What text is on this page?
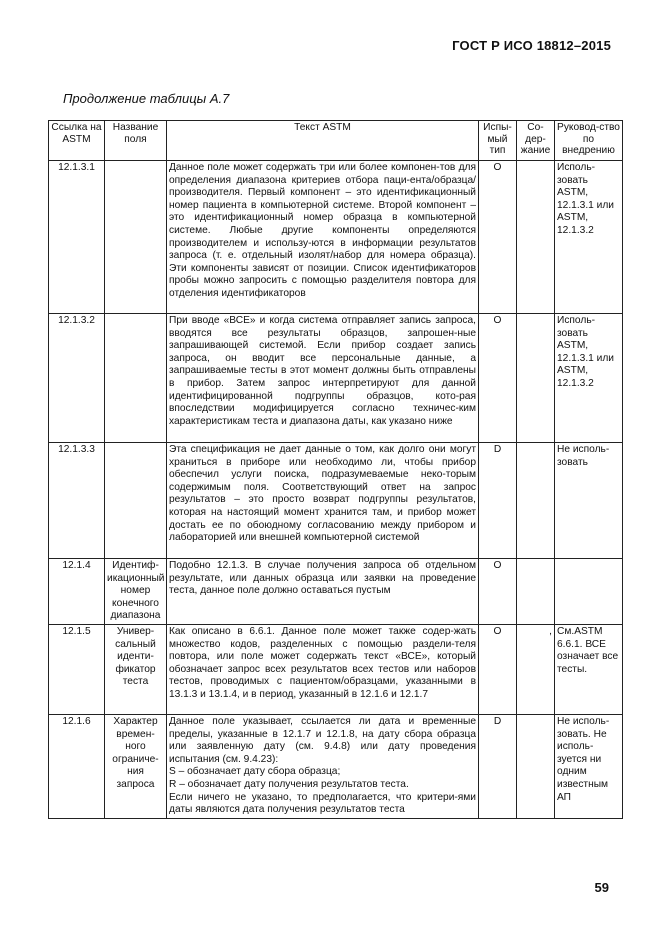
ГОСТ Р ИСО 18812–2015
Продолжение таблицы А.7
Ссылка на ASTM	Название поля	Текст ASTM	Испы-мый тип	Со-дер-жание	Руковод-ство по внедрению
12.1.3.1		Данное поле может содержать три или более компонен-тов для определения диапазона критериев отбора паци-ента/образца/производителя. Первый компонент – это идентификационный номер пациента в компьютерной системе. Второй компонент – это идентификационный номер образца в компьютерной системе. Любые другие компоненты определяются производителем и использу-ются в информации результатов запроса (т. е. отдельный изолят/набор для номера образца). Эти компоненты зависят от позиции. Список идентификаторов пробы можно запросить с помощью разделителя повтора для отделения идентификаторов	O		Исполь-зовать ASTM, 12.1.3.1 или ASTM, 12.1.3.2
12.1.3.2		При вводе «ВСЕ» и когда система отправляет запись запроса, вводятся все результаты образцов, запрошен-ные запрашивающей системой. Если прибор создает запись запроса, он вводит все персональные данные, а запрашиваемые тесты в этот момент должны быть отправлены в прибор. Затем запрос интерпретируют для данной идентифицированной подгруппы образцов, кото-рая впоследствии модифицируется согласно техничес-ким характеристикам теста и диапазона даты, как указано ниже	O		Исполь-зовать ASTM, 12.1.3.1 или ASTM, 12.1.3.2
12.1.3.3		Эта спецификация не дает данные о том, как долго они могут храниться в приборе или необходимо ли, чтобы прибор обеспечил услуги поиска, подразумеваемые неко-торым содержимым поля. Соответствующий ответ на запрос результатов – это просто возврат подгруппы результатов, которая на настоящий момент хранится там, и прибор может достать ее по обоюдному согласованию между прибором и лабораторией или внешней компьютерной системой	D		Не исполь-зовать
12.1.4	Идентиф-икационный номер конечного диапазона	Подобно 12.1.3. В случае получения запроса об отдельном результате, или данных образца или заявки на проведение теста, данное поле должно оставаться пустым	O		
12.1.5	Универ-сальный иденти-фикатор теста	Как описано в 6.6.1. Данное поле может также содер-жать множество кодов, разделенных с помощью раздели-теля повтора, или поле может содержать текст «ВСЕ», который обозначает запрос всех результатов всех тестов или наборов тестов, проводимых с пациентом/образцами, указанными в 13.1.3 и 13.1.4, и в период, указанный в 12.1.6 и 12.1.7	O	,	См.ASTM 6.6.1. ВСЕ означает все тесты.
12.1.6	Характер времен-ного ограниче-ния запроса	Данное поле указывает, ссылается ли дата и временные пределы, указанные в 12.1.7 и 12.1.8, на дату сбора образца или заявленную дату (см. 9.4.8) или дату проведения испытания (см. 9.4.23):
S – обозначает дату сбора образца;
R – обозначает дату получения результатов теста.
Если ничего не указано, то предполагается, что критери-ями даты являются дата получения результатов теста	D		Не исполь-зовать. Не исполь-зуется ни одним известным АП
59
